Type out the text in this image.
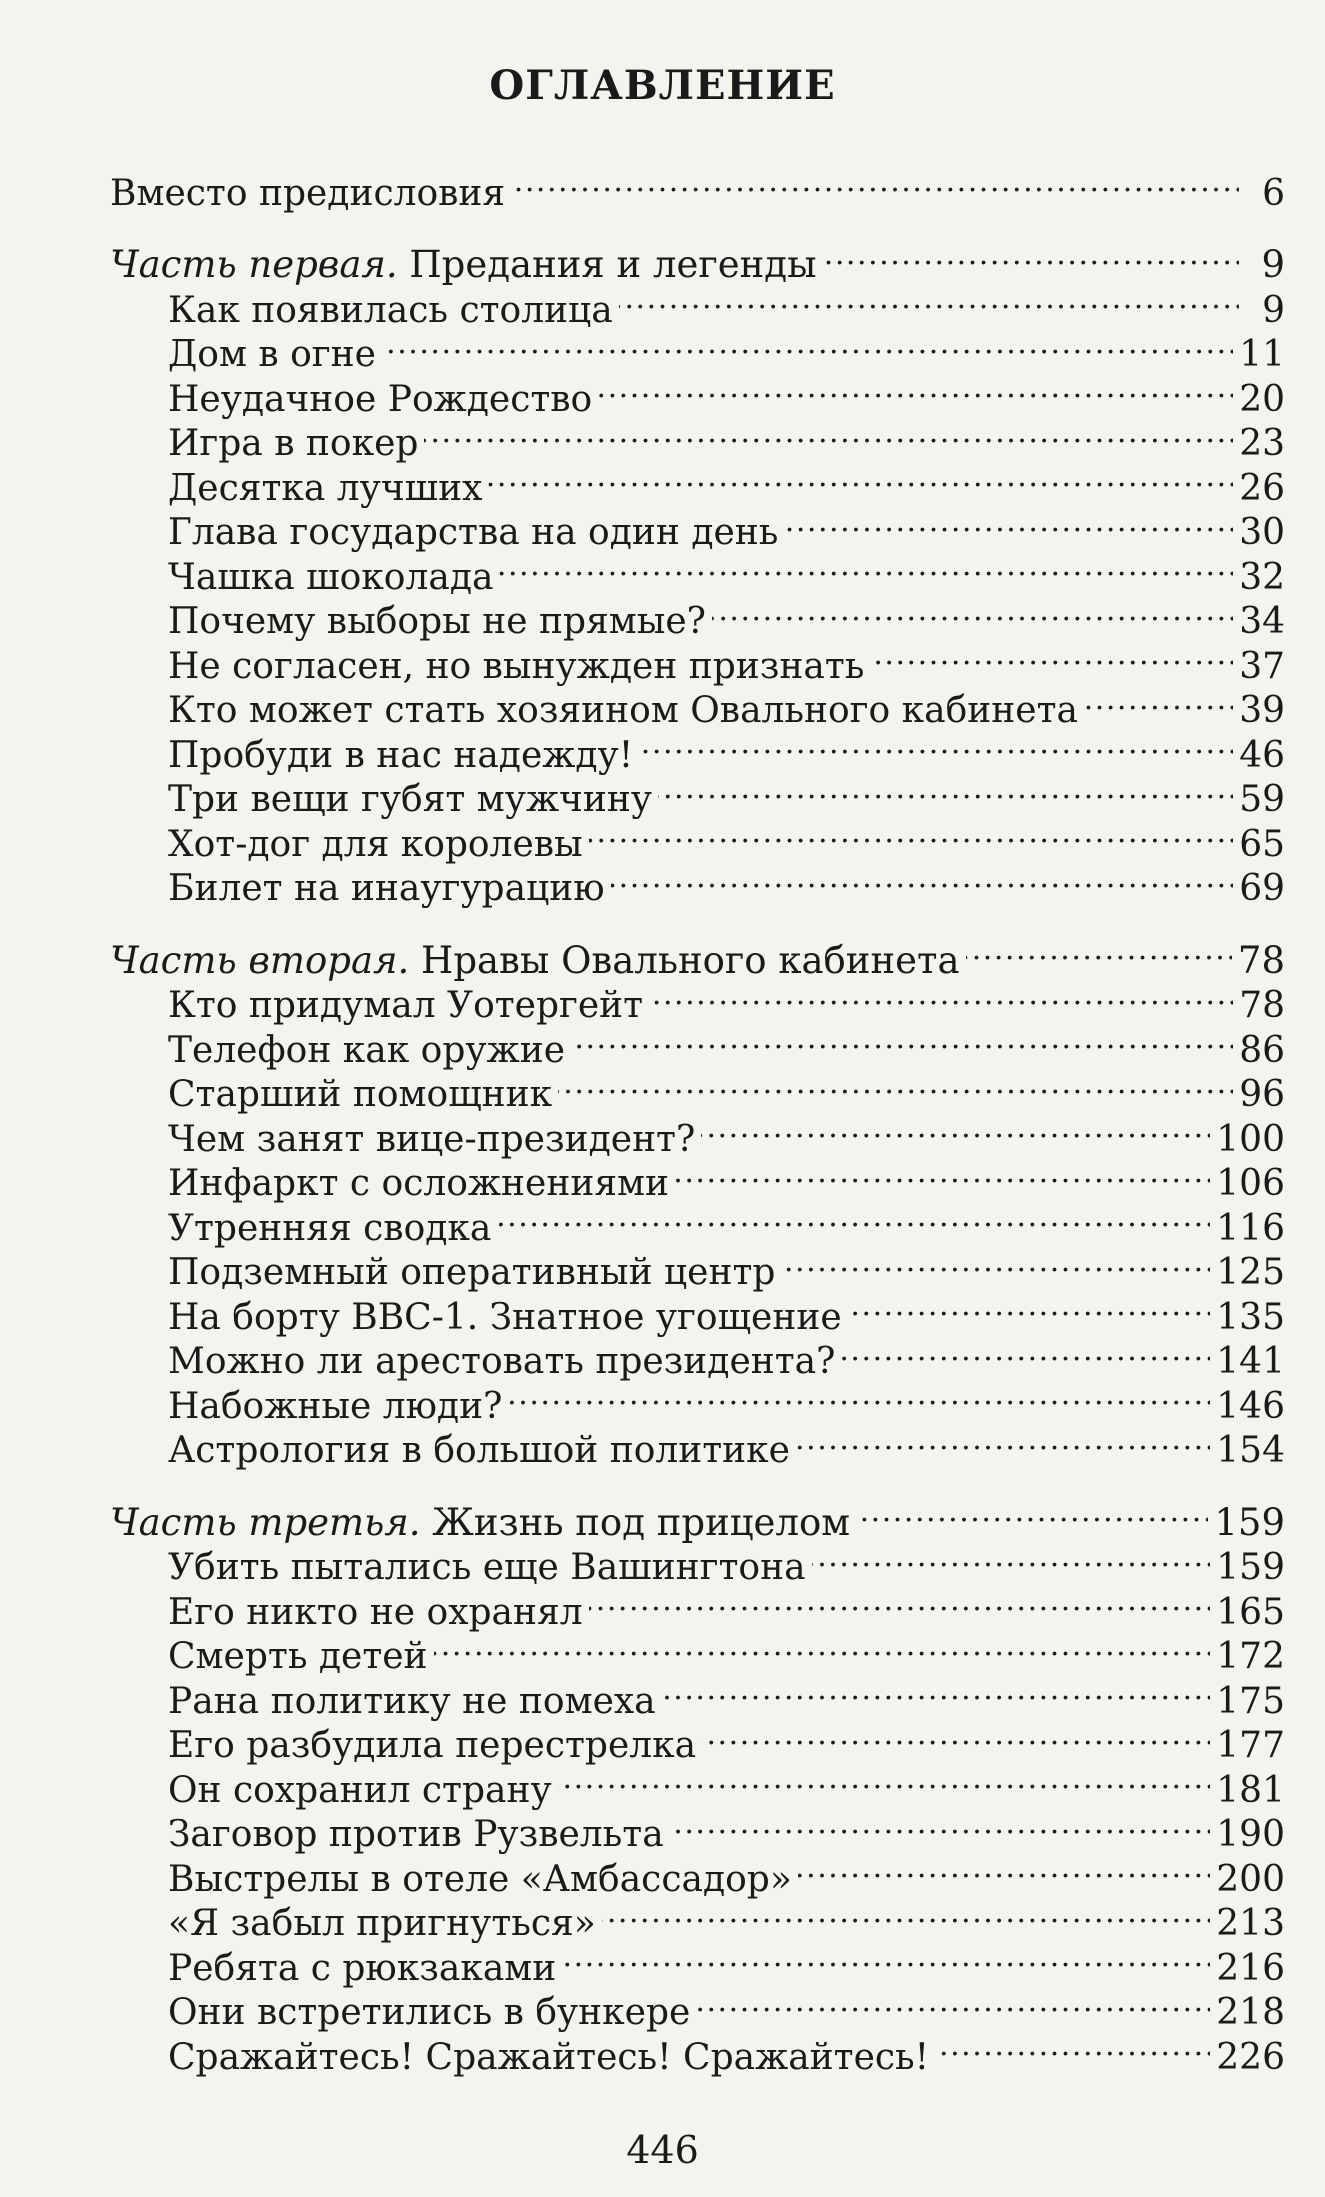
ОГЛАВЛЕНИЕ
Вместо предисловия . . .	6
Часть первая. Предания и легенды . . .	9
Как появилась столица . . .	9
Дом в огне . . .	11
Неудачное Рождество . . .	20
Игра в покер . . .	23
Десятка лучших . . .	26
Глава государства на один день . . .	30
Чашка шоколада . . .	32
Почему выборы не прямые? . . .	34
Не согласен, но вынужден признать . . .	37
Кто может стать хозяином Овального кабинета . . .	39
Пробуди в нас надежду! . . .	46
Три вещи губят мужчину . . .	59
Хот-дог для королевы . . .	65
Билет на инаугурацию . . .	69
Часть вторая. Нравы Овального кабинета . . .	78
Кто придумал Уотергейт . . .	78
Телефон как оружие . . .	86
Старший помощник . . .	96
Чем занят вице-президент? . . .	100
Инфаркт с осложнениями . . .	106
Утренняя сводка . . .	116
Подземный оперативный центр . . .	125
На борту ВВС-1. Знатное угощение . . .	135
Можно ли арестовать президента? . . .	141
Набожные люди? . . .	146
Астрология в большой политике . . .	154
Часть третья. Жизнь под прицелом . . .	159
Убить пытались еще Вашингтона . . .	159
Его никто не охранял . . .	165
Смерть детей . . .	172
Рана политику не помеха . . .	175
Его разбудила перестрелка . . .	177
Он сохранил страну . . .	181
Заговор против Рузвельта . . .	190
Выстрелы в отеле «Амбассадор» . . .	200
«Я забыл пригнуться» . . .	213
Ребята с рюкзаками . . .	216
Они встретились в бункере . . .	218
Сражайтесь! Сражайтесь! Сражайтесь! . . .	226
446
